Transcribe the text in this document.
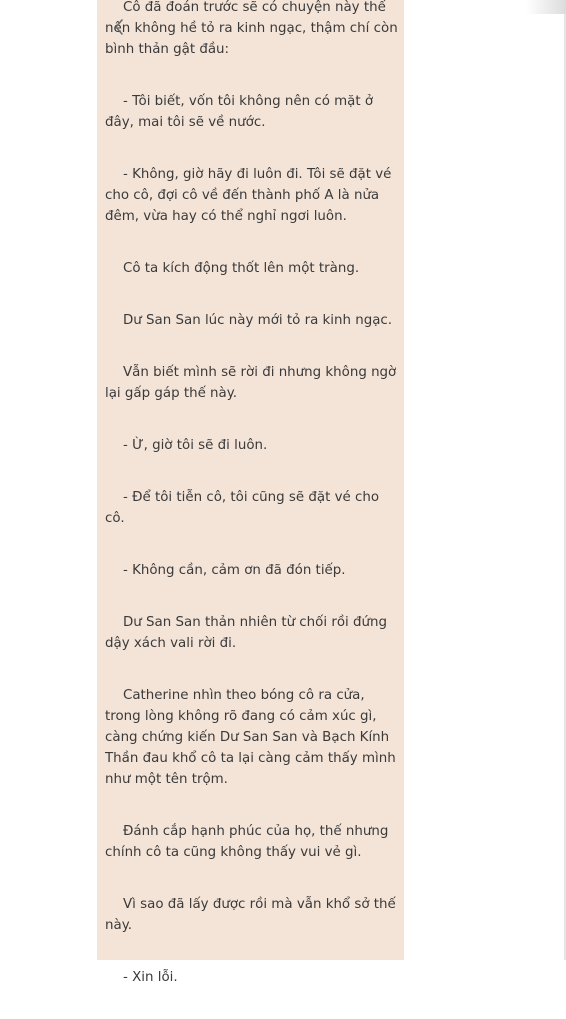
Cô đã đoán trước sẽ có chuyện này thế nên không hề tỏ ra kinh ngạc, thậm chí còn bình thản gật đầu:

- Tôi biết, vốn tôi không nên có mặt ở đây, mai tôi sẽ về nước.

- Không, giờ hãy đi luôn đi. Tôi sẽ đặt vé cho cô, đợi cô về đến thành phố A là nửa đêm, vừa hay có thể nghỉ ngơi luôn.

Cô ta kích động thốt lên một tràng.

Dư San San lúc này mới tỏ ra kinh ngạc.

Vẫn biết mình sẽ rời đi nhưng không ngờ lại gấp gáp thế này.

- Ừ, giờ tôi sẽ đi luôn.

- Để tôi tiễn cô, tôi cũng sẽ đặt vé cho cô.

- Không cần, cảm ơn đã đón tiếp.

Dư San San thản nhiên từ chối rồi đứng dậy xách vali rời đi.

Catherine nhìn theo bóng cô ra cửa, trong lòng không rõ đang có cảm xúc gì, càng chứng kiến Dư San San và Bạch Kính Thần đau khổ cô ta lại càng cảm thấy mình như một tên trộm.

Đánh cắp hạnh phúc của họ, thế nhưng chính cô ta cũng không thấy vui vẻ gì.

Vì sao đã lấy được rồi mà vẫn khổ sở thế này.

- Xin lỗi.
